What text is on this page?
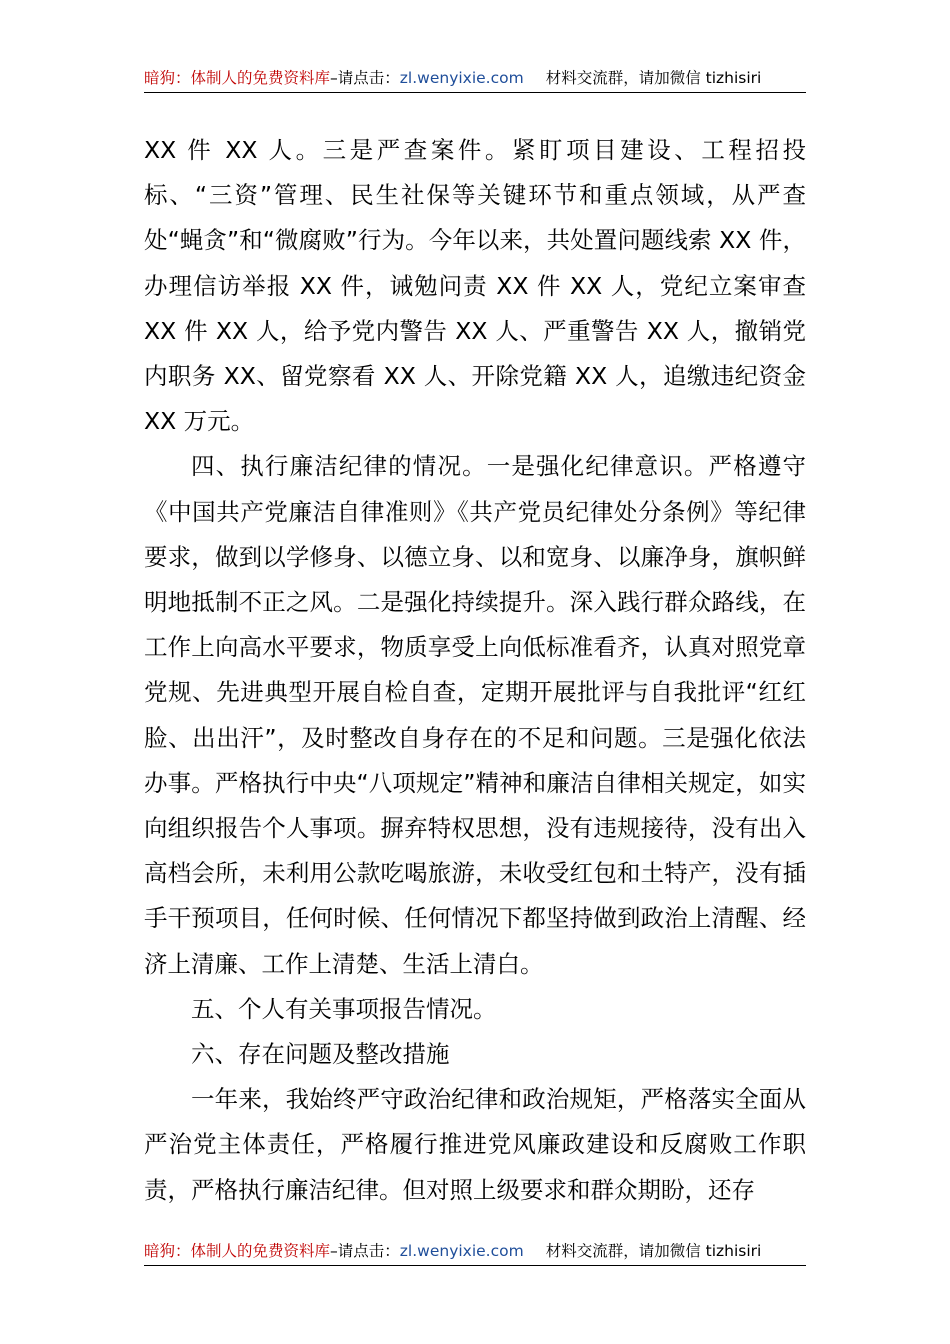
暗狗：体制人的免费资料库–请点击：zl.wenyixie.com 材料交流群，请加微信 tizhisiri

XX 件 XX 人。三是严查案件。紧盯项目建设、工程招投标、“三资”管理、民生社保等关键环节和重点领域，从严查处“蝇贪”和“微腐败”行为。今年以来，共处置问题线索 XX 件，办理信访举报 XX 件，诫勉问责 XX 件 XX 人，党纪立案审查 XX 件 XX 人，给予党内警告 XX 人、严重警告 XX 人，撤销党内职务 XX、留党察看 XX 人、开除党籍 XX 人，追缴违纪资金 XX 万元。

四、执行廉洁纪律的情况。一是强化纪律意识。严格遵守《中国共产党廉洁自律准则》《共产党员纪律处分条例》等纪律要求，做到以学修身、以德立身、以和宽身、以廉净身，旗帜鲜明地抵制不正之风。二是强化持续提升。深入践行群众路线，在工作上向高水平要求，物质享受上向低标准看齐，认真对照党章党规、先进典型开展自检自查，定期开展批评与自我批评“红红脸、出出汗”，及时整改自身存在的不足和问题。三是强化依法办事。严格执行中央“八项规定”精神和廉洁自律相关规定，如实向组织报告个人事项。摒弃特权思想，没有违规接待，没有出入高档会所，未利用公款吃喝旅游，未收受红包和土特产，没有插手干预项目，任何时候、任何情况下都坚持做到政治上清醒、经济上清廉、工作上清楚、生活上清白。

五、个人有关事项报告情况。

六、存在问题及整改措施

一年来，我始终严守政治纪律和政治规矩，严格落实全面从严治党主体责任，严格履行推进党风廉政建设和反腐败工作职责，严格执行廉洁纪律。但对照上级要求和群众期盼，还存

暗狗：体制人的免费资料库–请点击：zl.wenyixie.com 材料交流群，请加微信 tizhisiri
